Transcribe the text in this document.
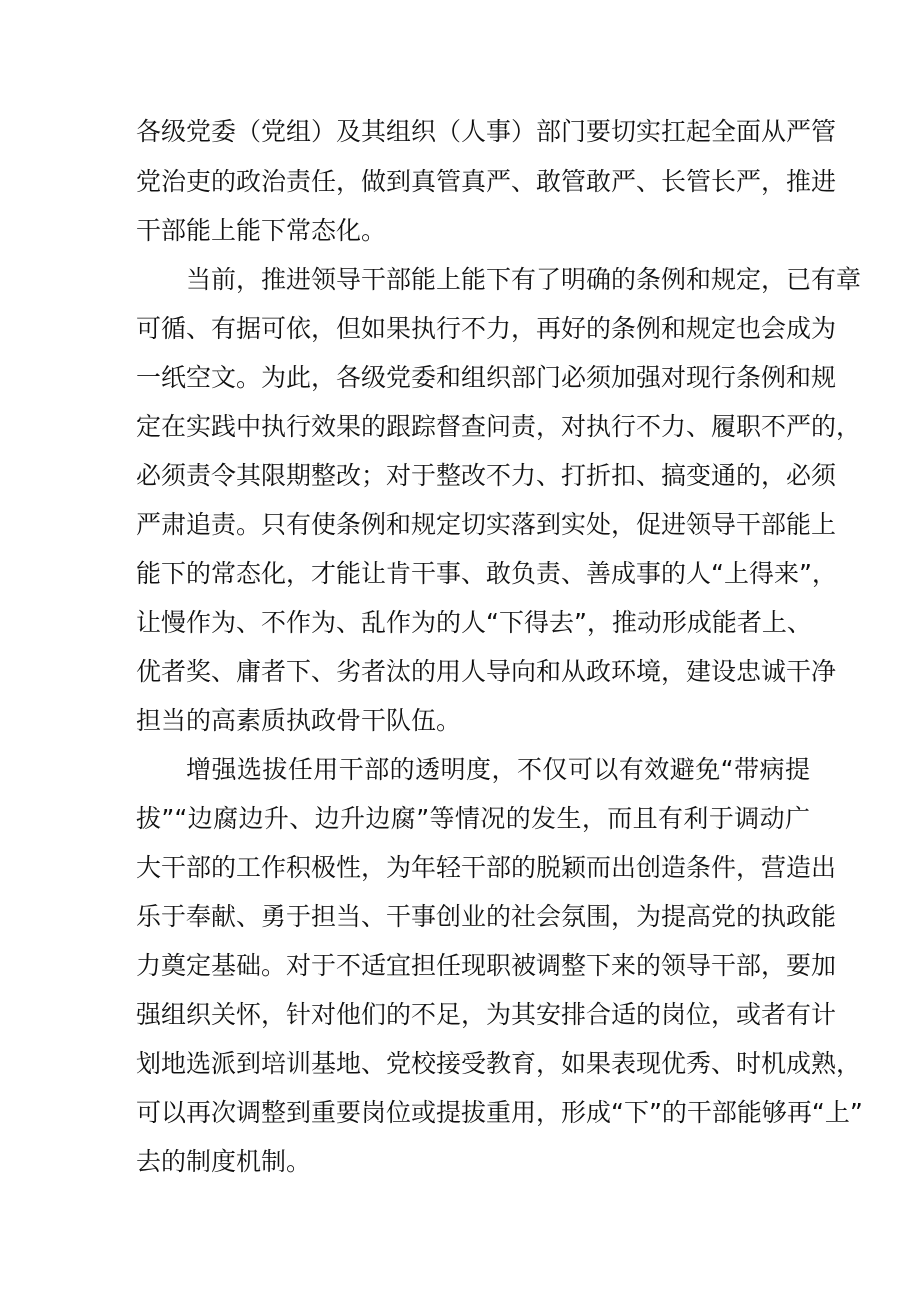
各级党委（党组）及其组织（人事）部门要切实扛起全面从严管
党治吏的政治责任，做到真管真严、敢管敢严、长管长严，推进
干部能上能下常态化。
当前，推进领导干部能上能下有了明确的条例和规定，已有章
可循、有据可依，但如果执行不力，再好的条例和规定也会成为
一纸空文。为此，各级党委和组织部门必须加强对现行条例和规
定在实践中执行效果的跟踪督查问责，对执行不力、履职不严的，
必须责令其限期整改；对于整改不力、打折扣、搞变通的，必须
严肃追责。只有使条例和规定切实落到实处，促进领导干部能上
能下的常态化，才能让肯干事、敢负责、善成事的人“上得来”，
让慢作为、不作为、乱作为的人“下得去”，推动形成能者上、
优者奖、庸者下、劣者汰的用人导向和从政环境，建设忠诚干净
担当的高素质执政骨干队伍。
增强选拔任用干部的透明度，不仅可以有效避免“带病提
拔”“边腐边升、边升边腐”等情况的发生，而且有利于调动广
大干部的工作积极性，为年轻干部的脱颖而出创造条件，营造出
乐于奉献、勇于担当、干事创业的社会氛围，为提高党的执政能
力奠定基础。对于不适宜担任现职被调整下来的领导干部，要加
强组织关怀，针对他们的不足，为其安排合适的岗位，或者有计
划地选派到培训基地、党校接受教育，如果表现优秀、时机成熟，
可以再次调整到重要岗位或提拔重用，形成“下”的干部能够再“上”
去的制度机制。
